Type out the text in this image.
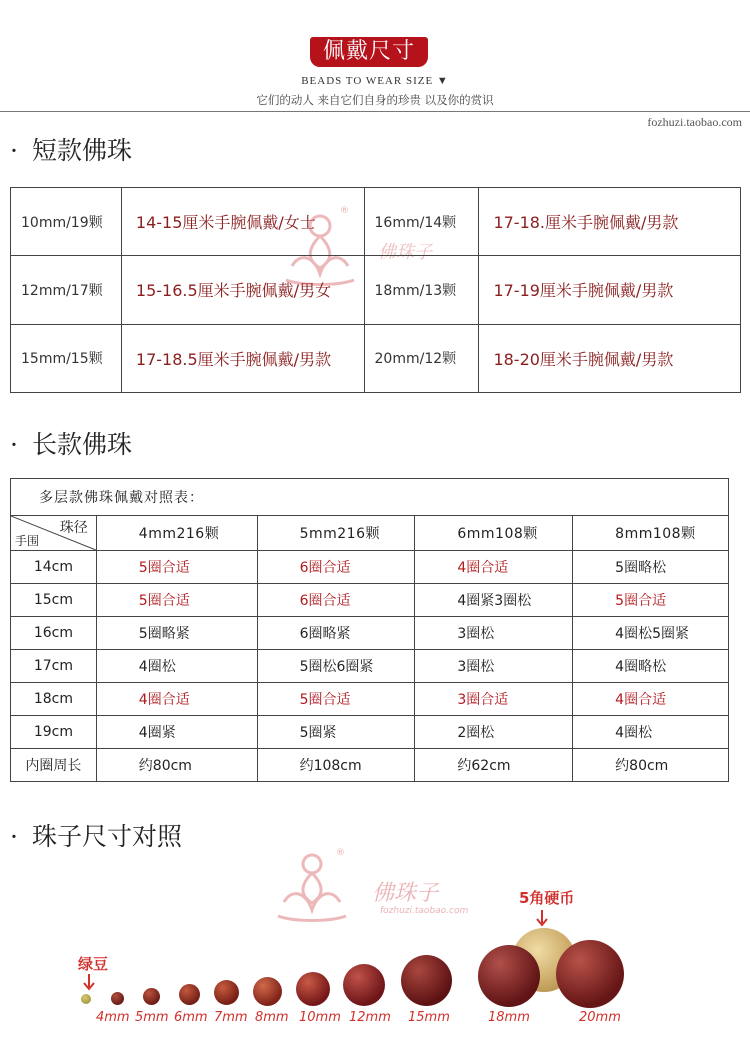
佩戴尺寸
BEADS TO WEAR SIZE ▼
它们的动人 来自它们自身的珍贵 以及你的赏识
fozhuzi.taobao.com
· 短款佛珠
®
佛珠子
10mm/19颗	14-15厘米手腕佩戴/女士	16mm/14颗	17-18.厘米手腕佩戴/男款
12mm/17颗	15-16.5厘米手腕佩戴/男女	18mm/13颗	17-19厘米手腕佩戴/男款
15mm/15颗	17-18.5厘米手腕佩戴/男款	20mm/12颗	18-20厘米手腕佩戴/男款
· 长款佛珠
多层款佛珠佩戴对照表：				

珠径
手围	4mm216颗	5mm216颗	6mm108颗	8mm108颗
14cm	5圈合适	6圈合适	4圈合适	5圈略松
15cm	5圈合适	6圈合适	4圈紧3圈松	5圈合适
16cm	5圈略紧	6圈略紧	3圈松	4圈松5圈紧
17cm	4圈松	5圈松6圈紧	3圈松	4圈略松
18cm	4圈合适	5圈合适	3圈合适	4圈合适
19cm	4圈紧	5圈紧	2圈松	4圈松
内圈周长	约80cm	约108cm	约62cm	约80cm
· 珠子尺寸对照
®
佛珠子
fozhuzi.taobao.com
绿豆
5角硬币
4mm 5mm 6mm 7mm 8mm 10mm 12mm 15mm	18mm	20mm
